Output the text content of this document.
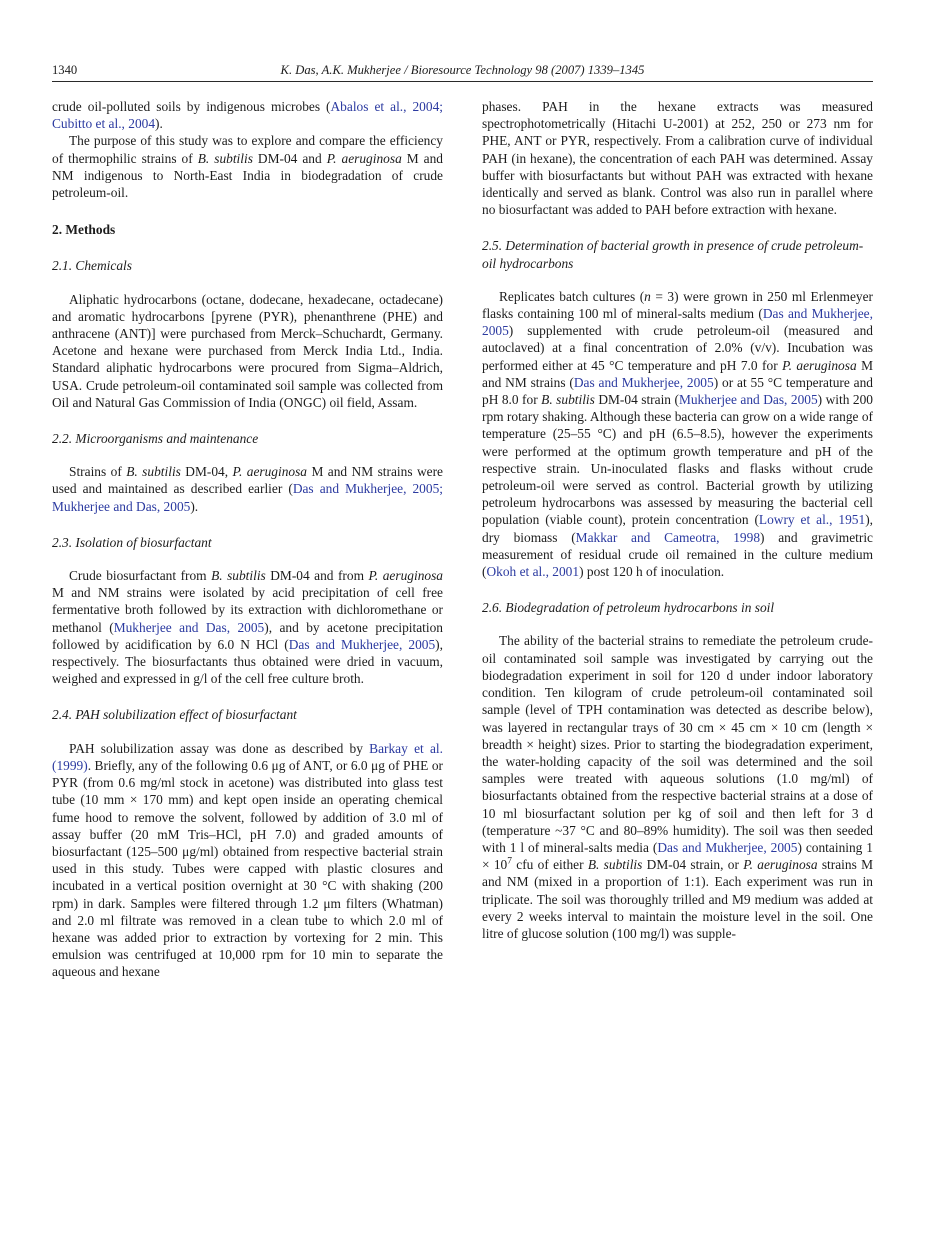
1340	K. Das, A.K. Mukherjee / Bioresource Technology 98 (2007) 1339–1345

crude oil-polluted soils by indigenous microbes (Abalos et al., 2004; Cubitto et al., 2004).

The purpose of this study was to explore and compare the efficiency of thermophilic strains of B. subtilis DM-04 and P. aeruginosa M and NM indigenous to North-East India in biodegradation of crude petroleum-oil.

2. Methods
2.1. Chemicals

Aliphatic hydrocarbons (octane, dodecane, hexadecane, octadecane) and aromatic hydrocarbons [pyrene (PYR), phenanthrene (PHE) and anthracene (ANT)] were purchased from Merck–Schuchardt, Germany. Acetone and hexane were purchased from Merck India Ltd., India. Standard aliphatic hydrocarbons were procured from Sigma–Aldrich, USA. Crude petroleum-oil contaminated soil sample was collected from Oil and Natural Gas Commission of India (ONGC) oil field, Assam.

2.2. Microorganisms and maintenance

Strains of B. subtilis DM-04, P. aeruginosa M and NM strains were used and maintained as described earlier (Das and Mukherjee, 2005; Mukherjee and Das, 2005).

2.3. Isolation of biosurfactant

Crude biosurfactant from B. subtilis DM-04 and from P. aeruginosa M and NM strains were isolated by acid precipitation of cell free fermentative broth followed by its extraction with dichloromethane or methanol (Mukherjee and Das, 2005), and by acetone precipitation followed by acidification by 6.0 N HCl (Das and Mukherjee, 2005), respectively. The biosurfactants thus obtained were dried in vacuum, weighed and expressed in g/l of the cell free culture broth.

2.4. PAH solubilization effect of biosurfactant

PAH solubilization assay was done as described by Barkay et al. (1999). Briefly, any of the following 0.6 μg of ANT, or 6.0 μg of PHE or PYR (from 0.6 mg/ml stock in acetone) was distributed into glass test tube (10 mm × 170 mm) and kept open inside an operating chemical fume hood to remove the solvent, followed by addition of 3.0 ml of assay buffer (20 mM Tris–HCl, pH 7.0) and graded amounts of biosurfactant (125–500 μg/ml) obtained from respective bacterial strain used in this study. Tubes were capped with plastic closures and incubated in a vertical position overnight at 30 °C with shaking (200 rpm) in dark. Samples were filtered through 1.2 μm filters (Whatman) and 2.0 ml filtrate was removed in a clean tube to which 2.0 ml of hexane was added prior to extraction by vortexing for 2 min. This emulsion was centrifuged at 10,000 rpm for 10 min to separate the aqueous and hexane

phases. PAH in the hexane extracts was measured spectrophotometrically (Hitachi U-2001) at 252, 250 or 273 nm for PHE, ANT or PYR, respectively. From a calibration curve of individual PAH (in hexane), the concentration of each PAH was determined. Assay buffer with biosurfactants but without PAH was extracted with hexane identically and served as blank. Control was also run in parallel where no biosurfactant was added to PAH before extraction with hexane.

2.5. Determination of bacterial growth in presence of crude petroleum-oil hydrocarbons

Replicates batch cultures (n = 3) were grown in 250 ml Erlenmeyer flasks containing 100 ml of mineral-salts medium (Das and Mukherjee, 2005) supplemented with crude petroleum-oil (measured and autoclaved) at a final concentration of 2.0% (v/v). Incubation was performed either at 45 °C temperature and pH 7.0 for P. aeruginosa M and NM strains (Das and Mukherjee, 2005) or at 55 °C temperature and pH 8.0 for B. subtilis DM-04 strain (Mukherjee and Das, 2005) with 200 rpm rotary shaking. Although these bacteria can grow on a wide range of temperature (25–55 °C) and pH (6.5–8.5), however the experiments were performed at the optimum growth temperature and pH of the respective strain. Un-inoculated flasks and flasks without crude petroleum-oil were served as control. Bacterial growth by utilizing petroleum hydrocarbons was assessed by measuring the bacterial cell population (viable count), protein concentration (Lowry et al., 1951), dry biomass (Makkar and Cameotra, 1998) and gravimetric measurement of residual crude oil remained in the culture medium (Okoh et al., 2001) post 120 h of inoculation.

2.6. Biodegradation of petroleum hydrocarbons in soil

The ability of the bacterial strains to remediate the petroleum crude-oil contaminated soil sample was investigated by carrying out the biodegradation experiment in soil for 120 d under indoor laboratory condition. Ten kilogram of crude petroleum-oil contaminated soil sample (level of TPH contamination was detected as describe below), was layered in rectangular trays of 30 cm × 45 cm × 10 cm (length × breadth × height) sizes. Prior to starting the biodegradation experiment, the water-holding capacity of the soil was determined and the soil samples were treated with aqueous solutions (1.0 mg/ml) of biosurfactants obtained from the respective bacterial strains at a dose of 10 ml biosurfactant solution per kg of soil and then left for 3 d (temperature ~37 °C and 80–89% humidity). The soil was then seeded with 1 l of mineral-salts media (Das and Mukherjee, 2005) containing $1 \times 10^7$ cfu of either B. subtilis DM-04 strain, or P. aeruginosa strains M and NM (mixed in a proportion of 1:1). Each experiment was run in triplicate. The soil was thoroughly trilled and M9 medium was added at every 2 weeks interval to maintain the moisture level in the soil. One litre of glucose solution (100 mg/l) was supple-
